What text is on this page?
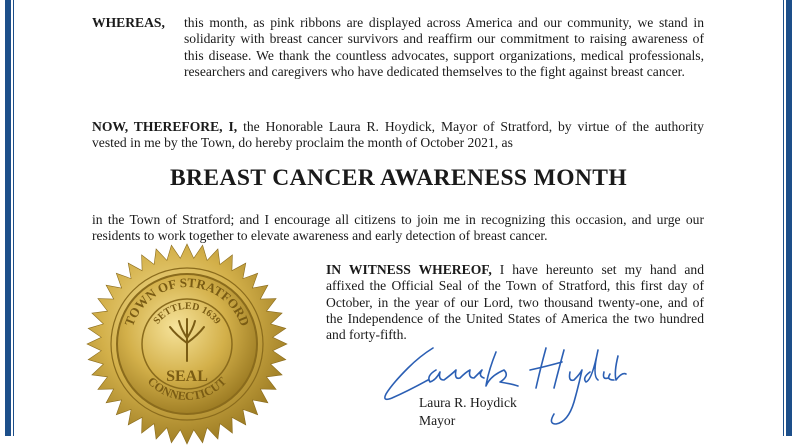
WHEREAS, this month, as pink ribbons are displayed across America and our community, we stand in solidarity with breast cancer survivors and reaffirm our commitment to raising awareness of this disease. We thank the countless advocates, support organizations, medical professionals, researchers and caregivers who have dedicated themselves to the fight against breast cancer.
NOW, THEREFORE, I, the Honorable Laura R. Hoydick, Mayor of Stratford, by virtue of the authority vested in me by the Town, do hereby proclaim the month of October 2021, as
BREAST CANCER AWARENESS MONTH
in the Town of Stratford; and I encourage all citizens to join me in recognizing this occasion, and urge our residents to work together to elevate awareness and early detection of breast cancer.
IN WITNESS WHEREOF, I have hereunto set my hand and affixed the Official Seal of the Town of Stratford, this first day of October, in the year of our Lord, two thousand twenty-one, and of the Independence of the United States of America the two hundred and forty-fifth.
TOWN OF STRATFORD
SETTLED 1639
CONNECTICUT
SEAL
Laura R. Hoydick
Mayor
